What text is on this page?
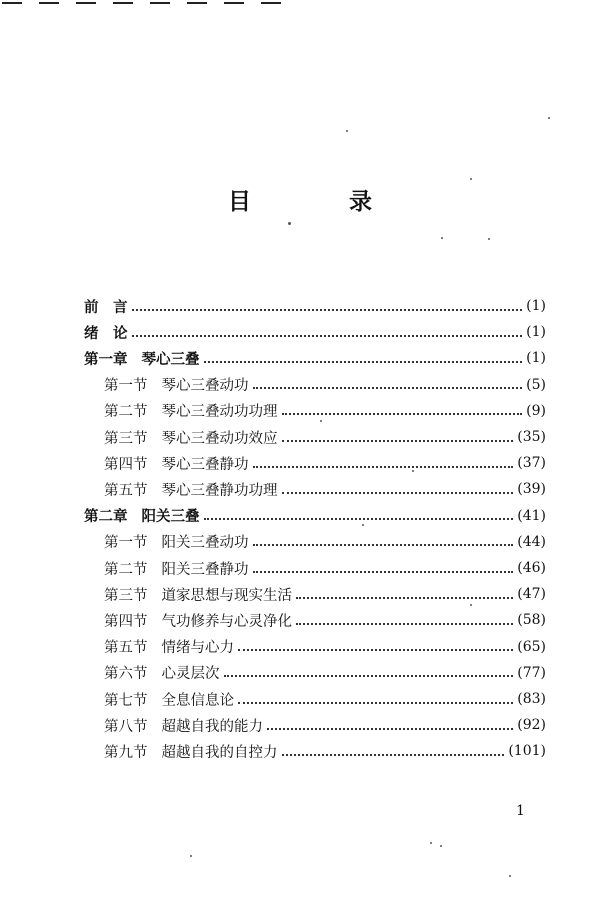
目 录
前　言	(1)
绪　论	(1)
第一章 琴心三叠	(1)
第一节 琴心三叠动功	(5)
第二节 琴心三叠动功功理	(9)
第三节 琴心三叠动功效应	(35)
第四节 琴心三叠静功	(37)
第五节 琴心三叠静功功理	(39)
第二章 阳关三叠	(41)
第一节 阳关三叠动功	(44)
第二节 阳关三叠静功	(46)
第三节 道家思想与现实生活	(47)
第四节 气功修养与心灵净化	(58)
第五节 情绪与心力	(65)
第六节 心灵层次	(77)
第七节 全息信息论	(83)
第八节 超越自我的能力	(92)
第九节 超越自我的自控力	(101)
1
